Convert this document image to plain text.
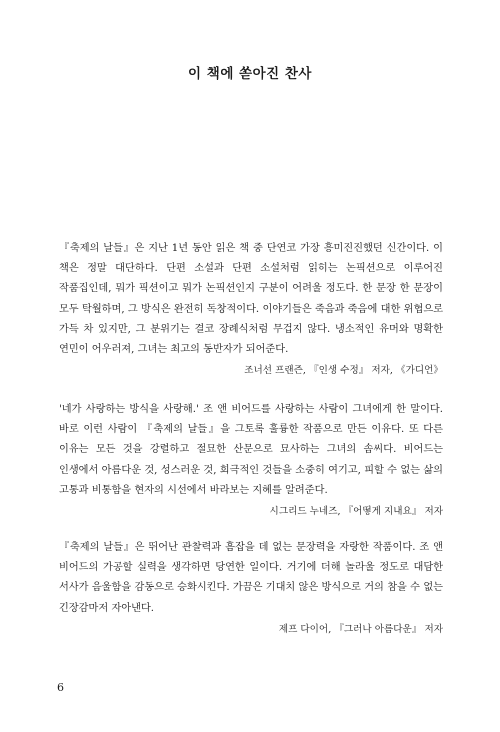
이 책에 쏟아진 찬사

『축제의 날들』은 지난 1년 동안 읽은 책 중 단연코 가장 흥미진진했던 신간이다. 이 책은 정말 대단하다. 단편 소설과 단편 소설처럼 읽히는 논픽션으로 이루어진 작품집인데, 뭐가 픽션이고 뭐가 논픽션인지 구분이 어려울 정도다. 한 문장 한 문장이 모두 탁월하며, 그 방식은 완전히 독창적이다. 이야기들은 죽음과 죽음에 대한 위협으로 가득 차 있지만, 그 분위기는 결코 장례식처럼 무겁지 않다. 냉소적인 유머와 명확한 연민이 어우러져, 그녀는 최고의 동반자가 되어준다.

조너선 프랜즌, 『인생 수정』 저자, 《가디언》

'네가 사랑하는 방식을 사랑해.' 조 앤 비어드를 사랑하는 사람이 그녀에게 한 말이다. 바로 이런 사람이 『축제의 날들』을 그토록 훌륭한 작품으로 만든 이유다. 또 다른 이유는 모든 것을 강렬하고 절묘한 산문으로 묘사하는 그녀의 솜씨다. 비어드는 인생에서 아름다운 것, 성스러운 것, 희극적인 것들을 소중히 여기고, 피할 수 없는 삶의 고통과 비통함을 현자의 시선에서 바라보는 지혜를 알려준다.

시그리드 누네즈, 『어떻게 지내요』 저자

『축제의 날들』은 뛰어난 관찰력과 흠잡을 데 없는 문장력을 자랑한 작품이다. 조 앤 비어드의 가공할 실력을 생각하면 당연한 일이다. 거기에 더해 놀라울 정도로 대담한 서사가 음울함을 감동으로 승화시킨다. 가끔은 기대치 않은 방식으로 거의 참을 수 없는 긴장감마저 자아낸다.

제프 다이어, 『그러나 아름다운』 저자
6
